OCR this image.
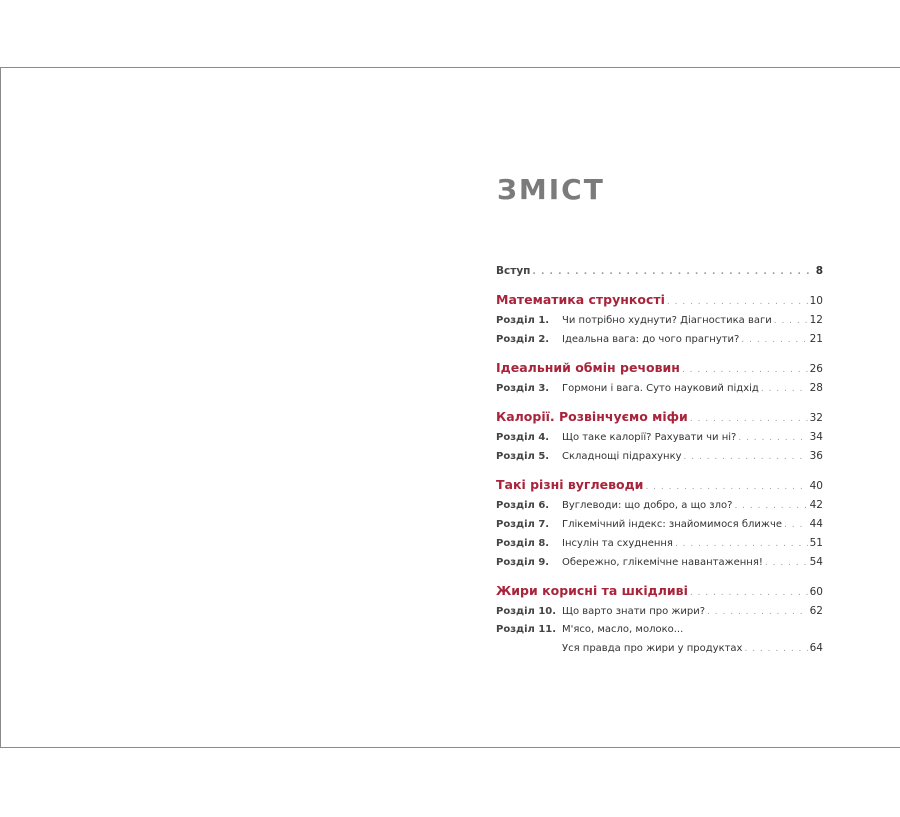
ЗМІСТ
Вступ . . .	8
Математика стрункості . . .	10
Розділ 1.	Чи потрібно худнути? Діагностика ваги . . .	12
Розділ 2.	Ідеальна вага: до чого прагнути? . . .	21
Ідеальний обмін речовин . . .	26
Розділ 3.	Гормони і вага. Суто науковий підхід . . .	28
Калорії. Розвінчуємо міфи . . .	32
Розділ 4.	Що таке калорії? Рахувати чи ні? . . .	34
Розділ 5.	Складнощі підрахунку . . .	36
Такі різні вуглеводи . . .	40
Розділ 6.	Вуглеводи: що добро, а що зло? . . .	42
Розділ 7.	Глікемічний індекс: знайомимося ближче . . .	44
Розділ 8.	Інсулін та схуднення . . .	51
Розділ 9.	Обережно, глікемічне навантаження! . . .	54
Жири корисні та шкідливі . . .	60
Розділ 10. Що варто знати про жири? . . .	62
Розділ 11. М'ясо, масло, молоко...
Уся правда про жири у продуктах . . .	64
